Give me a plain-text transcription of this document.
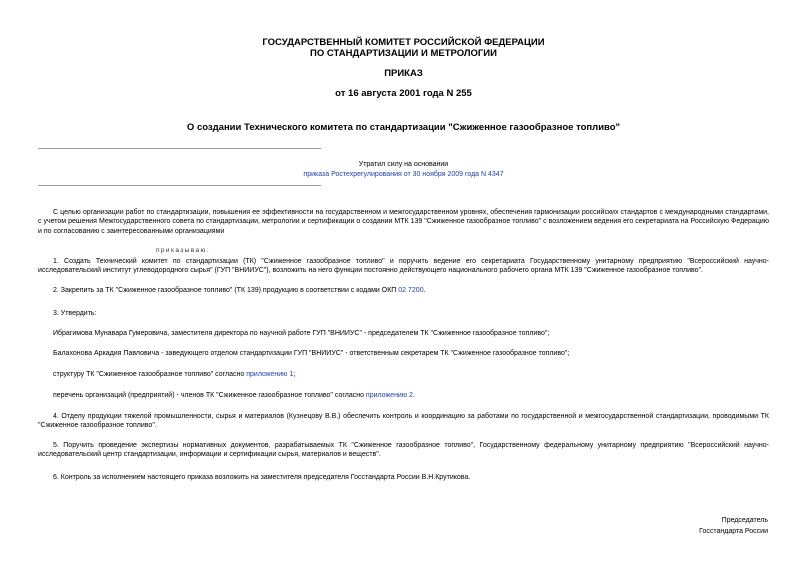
ГОСУДАРСТВЕННЫЙ КОМИТЕТ РОССИЙСКОЙ ФЕДЕРАЦИИ
ПО СТАНДАРТИЗАЦИИ И МЕТРОЛОГИИ
ПРИКАЗ
от 16 августа 2001 года N 255
О создании Технического комитета по стандартизации "Сжиженное газообразное топливо"
Утратил силу на основании
приказа Ростехрегулирования от 30 ноября 2009 года N 4347
С целью организации работ по стандартизации, повышения ее эффективности на государственном и межгосударственном уровнях, обеспечения гармонизации российских стандартов с международными стандартами, с учетом решения Межгосударственного совета по стандартизации, метрологии и сертификации о создании МТК 139 "Сжиженное газообразное топливо" с возложением ведения его секретариата на Российскую Федерацию и по согласованию с заинтересованными организациями
приказываю:
1. Создать Технический комитет по стандартизации (ТК) "Сжиженное газообразное топливо" и поручить ведение его секретариата Государственному унитарному предприятию "Всероссийский научно-исследовательский институт углеводородного сырья" (ГУП "ВНИИУС"), возложить на него функции постоянно действующего национального рабочего органа МТК 139 "Сжиженное газообразное топливо".
2. Закрепить за ТК "Сжиженное газообразное топливо" (ТК 139) продукцию в соответствии с кодами ОКП 02 7200.
3. Утвердить:
Ибрагимова Мунавара Гумеровича, заместителя директора по научной работе ГУП "ВНИИУС" - председателем ТК "Сжиженное газообразное топливо";
Балахонова Аркадия Павловича - заведующего отделом стандартизации ГУП "ВНИИУС" - ответственным секретарем ТК "Сжиженное газообразное топливо";
структуру ТК "Сжиженное газообразное топливо" согласно приложению 1;
перечень организаций (предприятий) - членов ТК "Сжиженное газообразное топливо" согласно приложению 2.
4. Отделу продукции тяжелой промышленности, сырья и материалов (Кузнецову В.В.) обеспечить контроль и координацию за работами по государственной и межгосударственной стандартизации, проводимыми ТК "Сжиженное газообразное топливо".
5. Поручить проведение экспертизы нормативных документов, разрабатываемых ТК "Сжиженное газообразное топливо", Государственному федеральному унитарному предприятию "Всероссийский научно-исследовательский центр стандартизации, информации и сертификации сырья, материалов и веществ".
6. Контроль за исполнением настоящего приказа возложить на заместителя председателя Госстандарта России В.Н.Крутикова.
Председатель
Госстандарта России
